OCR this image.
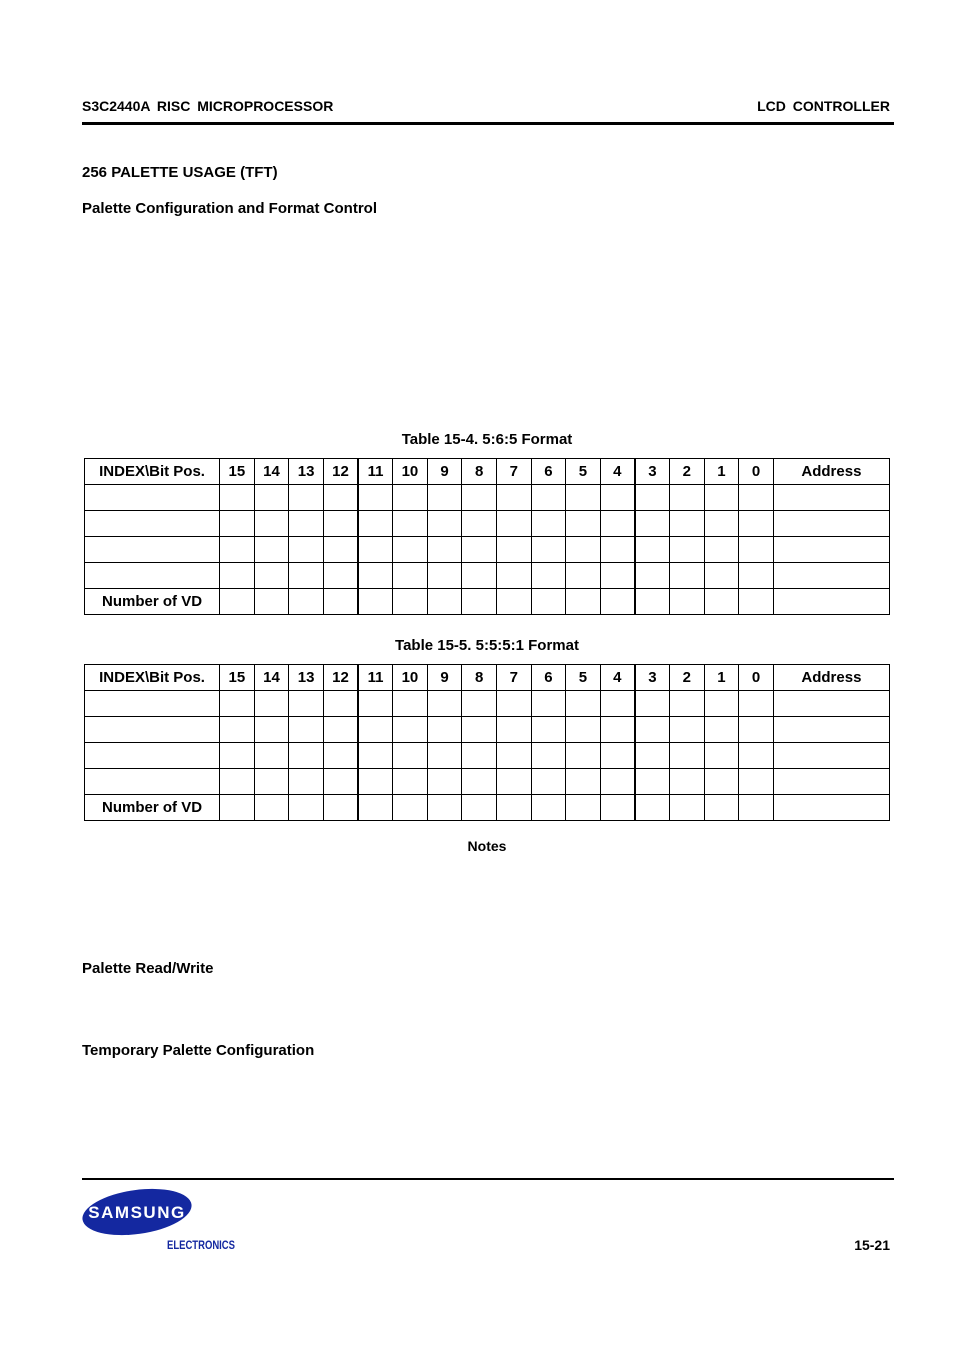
S3C2440A RISC MICROPROCESSOR	LCD CONTROLLER
256 PALETTE USAGE (TFT)
Palette Configuration and Format Control
Table 15-4. 5:6:5 Format
INDEX\Bit Pos.	15	14	13	12	11	10	9	8	7	6	5	4	3	2	1	0	Address

Number of VD																	
Table 15-5. 5:5:5:1 Format
INDEX\Bit Pos.	15	14	13	12	11	10	9	8	7	6	5	4	3	2	1	0	Address

Number of VD																	
Notes
Palette Read/Write
Temporary Palette Configuration
SAMSUNG
ELECTRONICS	15-21
